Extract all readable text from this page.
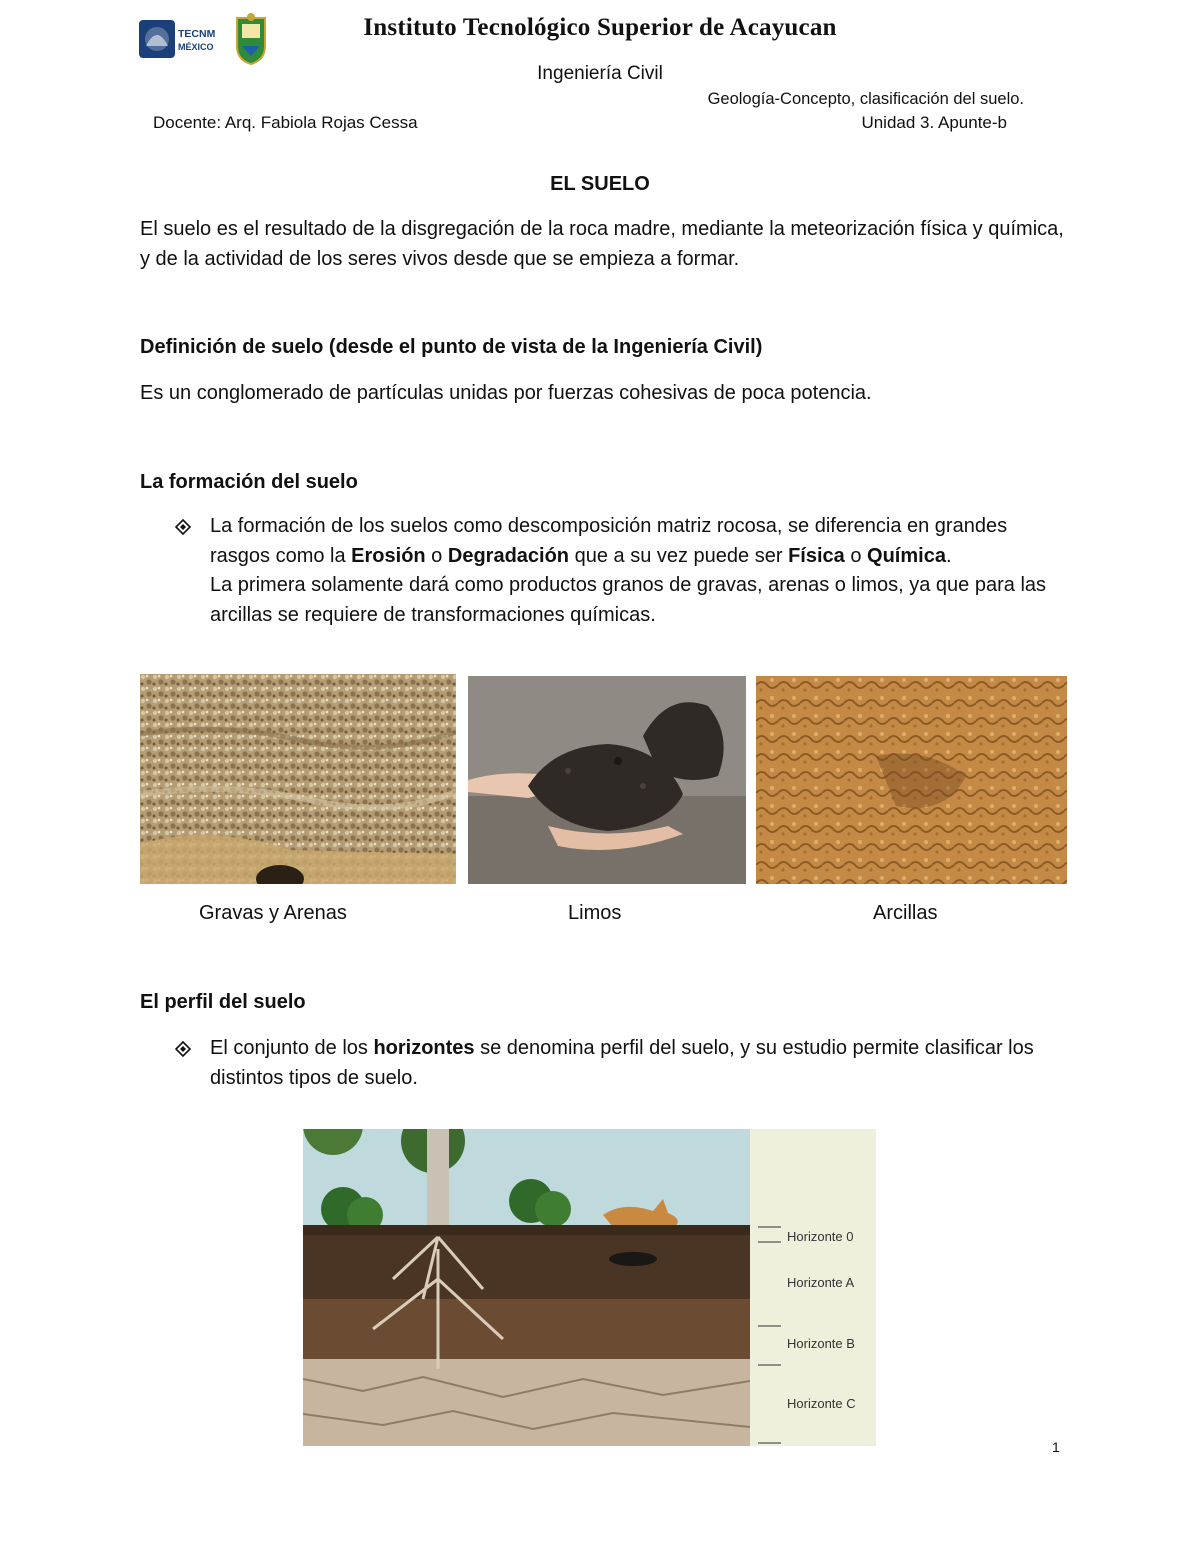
TECNM
MÉXICO
Instituto Tecnológico Superior de Acayucan
Ingeniería Civil
Geología-Concepto, clasificación del suelo.
Docente: Arq. Fabiola Rojas Cessa	Unidad 3. Apunte-b
EL SUELO
El suelo es el resultado de la disgregación de la roca madre, mediante la meteorización física y química, y de la actividad de los seres vivos desde que se empieza a formar.
Definición de suelo (desde el punto de vista de la Ingeniería Civil)
Es un conglomerado de partículas unidas por fuerzas cohesivas de poca potencia.
La formación del suelo
La formación de los suelos como descomposición matriz rocosa, se diferencia en grandes rasgos como la Erosión o Degradación que a su vez puede ser Física o Química.
La primera solamente dará como productos granos de gravas, arenas o limos, ya que para las arcillas se requiere de transformaciones químicas.
Gravas y Arenas	Limos	Arcillas
El perfil del suelo
El conjunto de los horizontes se denomina perfil del suelo, y su estudio permite clasificar los distintos tipos de suelo.
Horizonte 0
Horizonte A
Horizonte B
Horizonte C
1
